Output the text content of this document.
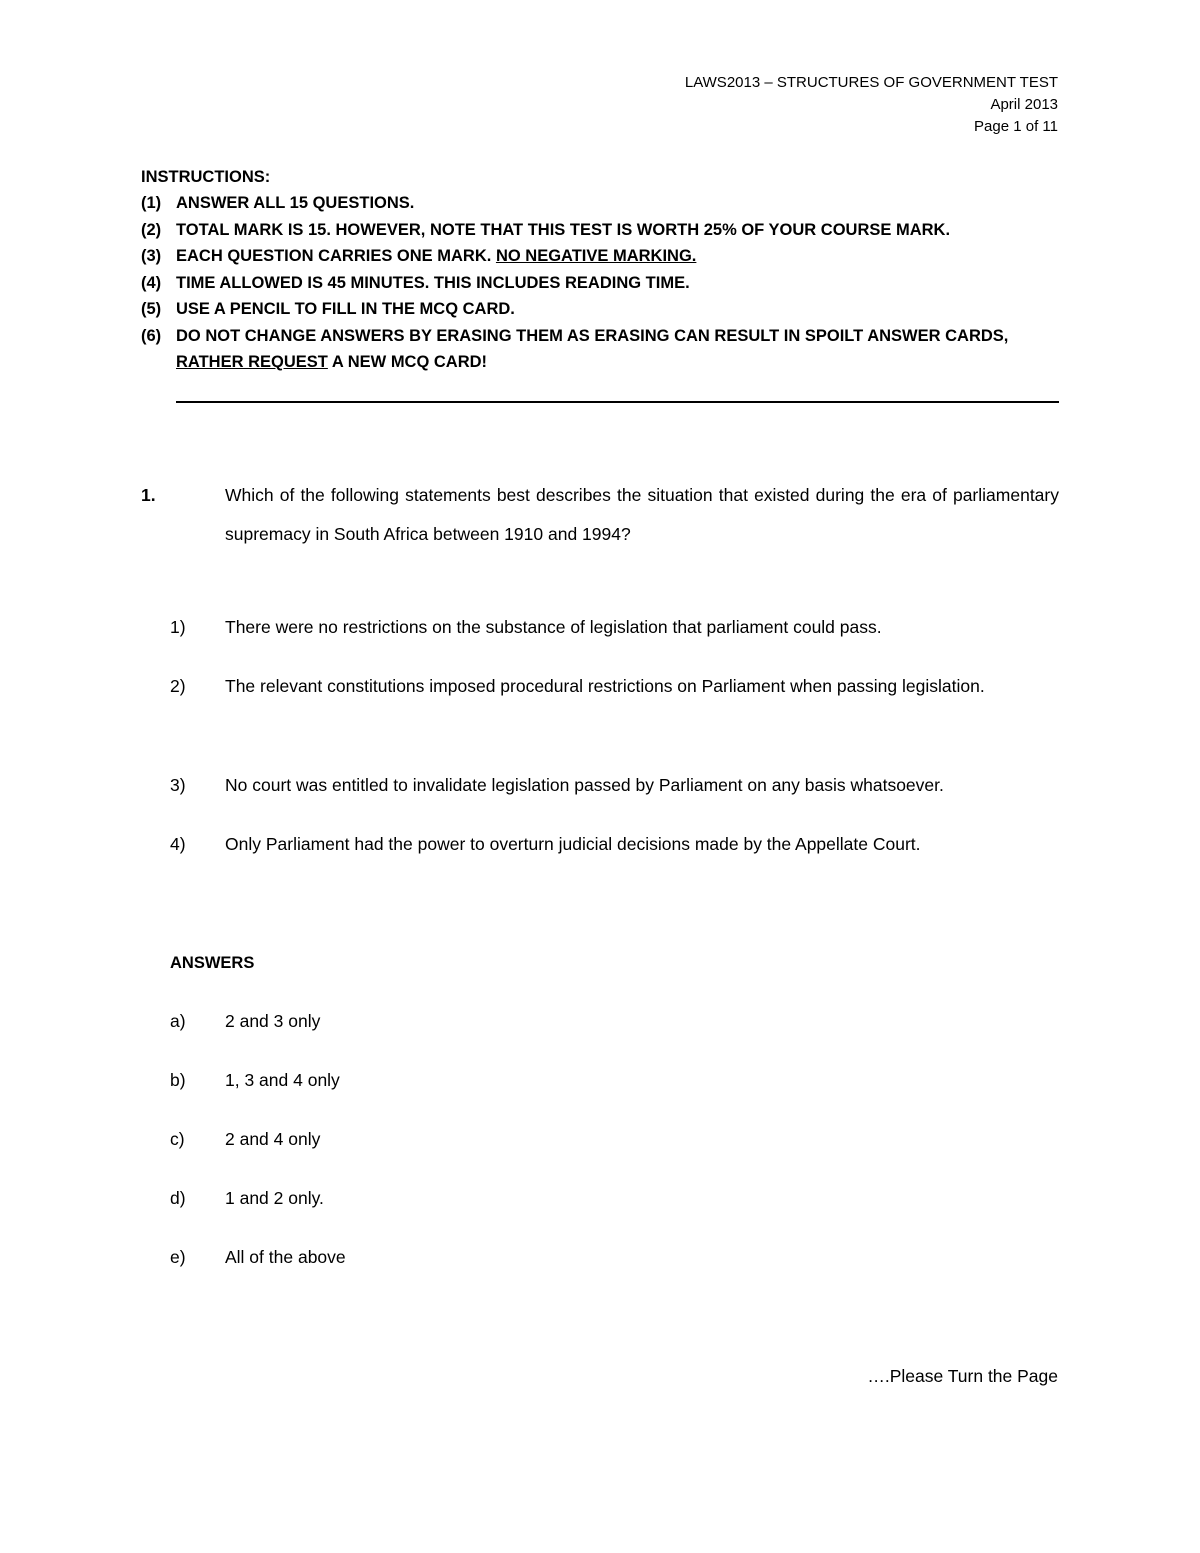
LAWS2013 – STRUCTURES OF GOVERNMENT TEST
April 2013
Page 1 of 11
INSTRUCTIONS:
(1) ANSWER ALL 15 QUESTIONS.
(2) TOTAL MARK IS 15. HOWEVER, NOTE THAT THIS TEST IS WORTH 25% OF YOUR COURSE MARK.
(3) EACH QUESTION CARRIES ONE MARK. NO NEGATIVE MARKING.
(4) TIME ALLOWED IS 45 MINUTES. THIS INCLUDES READING TIME.
(5) USE A PENCIL TO FILL IN THE MCQ CARD.
(6) DO NOT CHANGE ANSWERS BY ERASING THEM AS ERASING CAN RESULT IN SPOILT ANSWER CARDS, RATHER REQUEST A NEW MCQ CARD!
1.	Which of the following statements best describes the situation that existed during the era of parliamentary supremacy in South Africa between 1910 and 1994?
1)	There were no restrictions on the substance of legislation that parliament could pass.
2)	The relevant constitutions imposed procedural restrictions on Parliament when passing legislation.
3)	No court was entitled to invalidate legislation passed by Parliament on any basis whatsoever.
4)	Only Parliament had the power to overturn judicial decisions made by the Appellate Court.
ANSWERS
a)	2 and 3 only
b)	1, 3 and 4 only
c)	2 and 4 only
d)	1 and 2 only.
e)	All of the above
….Please Turn the Page
